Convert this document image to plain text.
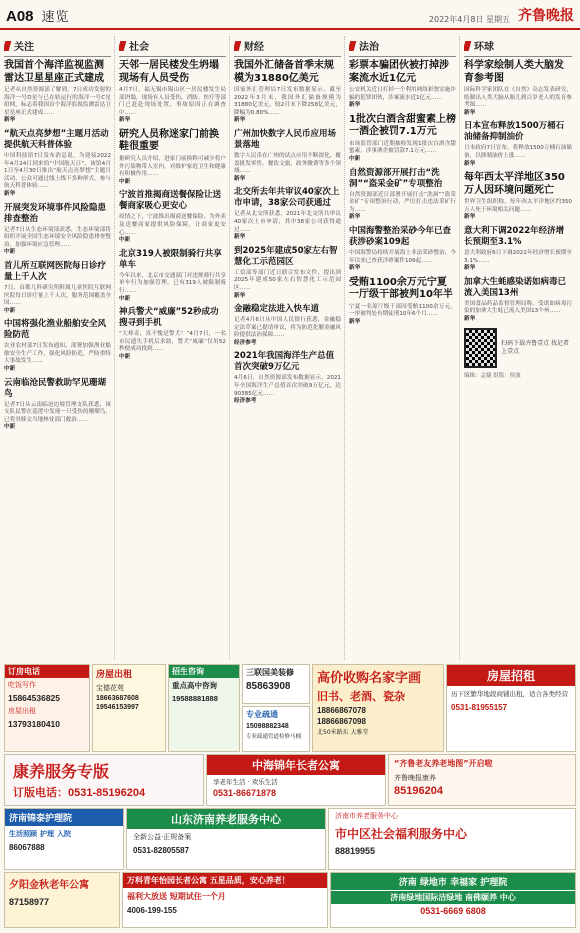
A08 速览	2022年4月8日 星期五 齐鲁晚报
关注
我国首个海洋监视监测雷达卫星星座正式建成

记者从自然资源部了解到，7日成功发射的海洋一号D星与已在轨运行的海洋一号C星组网，标志着我国首个海洋监视监测雷达卫星星座正式建成……

新华

“航天点亮梦想”主题月活动提供航天科普体验

中国科技馆7日发布消息说，为迎接2022年4月24日到来的“中国航天日”，该馆4月1日至4月30日推出“航天点亮梦想”主题月活动，公众可通过线上线下多种形式，参与航天科普体验……

新华

开展突发环境事件风险隐患排查整治

记者7日从生态环境部获悉，生态环境部将组织开展全国生态环境安全风险隐患排查整治，加强环境应急管理……

中新

首儿所互联网医院每日诊疗量上千人次

7日，首都儿科研究所附属儿童医院互联网医院每日诊疗量上千人次，服务范围覆盖全国……

中新

中国将强化渔业船舶安全风险防范

农业农村部7日发布通知，部署加强渔业船舶安全生产工作，强化风险防范，严防重特大事故发生……

中新

云南临沧民警救助罕见珊瑚鸟

记者7日从云南临沧边境管理支队获悉，该支队民警在巡逻中发现一只受伤的珊瑚鸟，已将其移交当地林业部门救治……

中新

社会
天邻一居民楼发生坍塌现场有人员受伤

4月7日，福无锡市锡山区一居民楼发生局部坍塌，现场有人员受伤，消防、医疗等部门已赶赴现场处置，事故原因正在调查中……

新华

研究人员称迷家门前换鞋很重要

据研究人员介绍，进家门前换鞋可减少将户外污染物带入室内，对维护家庭卫生和健康有积极作用……

中新

宁波首推揭商送餐保险让送餐商家吸心更安心

疫情之下，宁波推出揭商送餐保险，为外卖及送餐商家提供风险保障，让商家更安心……

中新

北京319人被限制骑行共享单车

今年以来，北京市交通部门对违规骑行共享单车行为加强管理，已有319人被限制骑行……

中新

神兵警犬“威廉”52秒成功搜寻到手机

“大棒奇，真不愧是警犬！”4月7日，一名市民遗失手机后求助，警犬“威廉”仅用52秒便成功找到……

中新

财经
我国外汇储备首季末规模为31880亿美元

国家外汇管理局7日发布数据显示，截至2022年3月末，我国外汇储备规模为31880亿美元，较2月末下降258亿美元，降幅为0.80%……

新华

广州加快数字人民币应用场景落地

数字人民币在广州的试点应用不断深化，覆盖批发零售、餐饮文旅、政务缴费等多个领域……

新华

北交所去年共审议40家次上市申请，38家公司获通过

记者从北交所获悉，2021年北交所共审议40家次上市申请，其中38家公司获得通过……

新华

到2025年建成50家左右智慧化工示范园区

工信部等部门近日联合发布文件，提出到2025年建成50家左右智慧化工示范园区……

新华

金融稳定法进入快车道

记者4月6日从中国人民银行获悉，金融稳定法草案已提请审议，将为防范化解金融风险提供法治保障……

经济参考

2021年我国海洋生产总值首次突破9万亿元

4月6日，自然资源部发布数据显示，2021年全国海洋生产总值首次突破9万亿元，达90385亿元……

经济参考

法治
彩票本骗团伙被打掉涉案流水近1亿元

公安机关近日打掉一个利用网络彩票实施诈骗的犯罪团伙，涉案流水近1亿元……

新华

1批次白酒含甜蜜素上榜一酒企被罚7.1万元

市场监管部门近期抽检发现1批次白酒含甜蜜素，涉事酒企被罚款7.1万元……

中新

自然资源部开展打击“洗洞”“盗采金矿”专项整治

自然资源部近日部署开展打击“洗洞”“盗采金矿”专项整治行动，严厉打击违法采矿行为……

新华

中国海警整治采砂今年已查获涉砂案109起

中国海警局持续开展海上非法采砂整治，今年以来已查获涉砂案件109起……

新华

受贿1100余万元宁夏一厅级干部被判10年半

宁夏一名原厅级干部因受贿1100余万元，一审被判处有期徒刑10年6个月……

新华

环球
科学家绘制人类大脑发育参考图

国际科学家团队在《自然》杂志发表研究，绘制出人类大脑从胎儿到百岁老人的发育参考图……

新华

日本宣布释放1500万桶石油储备抑制油价

日本政府7日宣布，将释放1500万桶石油储备，以抑制油价上涨……

新华

每年西太平洋地区350万人因环境问题死亡

世界卫生组织称，每年西太平洋地区约350万人死于环境相关问题……

新华

意大利下调2022年经济增长预期至3.1%

意大利政府6日下调2022年经济增长预期至3.1%……

新华

加拿大生蚝感染诺如病毒已流入美国13州

美国食品药品监督管理局称，受诺如病毒污染的加拿大生蚝已流入美国13个州……

新华

扫码下载齐鲁壹点 找记者 上壹点

编辑：孟婕 组版：侯波
订房电话
吃饭写作
15864536825
房屋出租
13793180410
房屋出租
宝德花苑
18663687608
19546153997
招生咨询
重点高中咨询
19588881888
三联国美装修
85863908
专业疏通
15098882348
专业疏通管道检修马桶
高价收购名家字画
旧书、老酒、瓷杂
18866867078
18866867098
北50米路东 大雅堂
房屋招租
历下区繁华地段商铺出租，适合各类经营
0531-81955157
康养服务专版
订版电话：0531-85196204
中海锦年长者公寓
享老年生活 · 欢乐生活
0531-86671878
“齐鲁老友养老地图”开启啦
齐鲁晚报康养
85196204
济南锦泰护理院
生活照顾 护理 入院
86067888
山东济南养老服务中心
全新公益·正规备案
0531-82805587
济南市养老服务中心
市中区社会福利服务中心
88819955
夕阳金秋老年公寓
87158977
万科青年怡园长者公寓 五星品质，安心养老！
福利大放送 短期试住一个月
4006-199-155
济南 绿地市 幸福家 护理院
济南绿地国际洁绿地 南佛颐养 中心
0531-6669 6808
